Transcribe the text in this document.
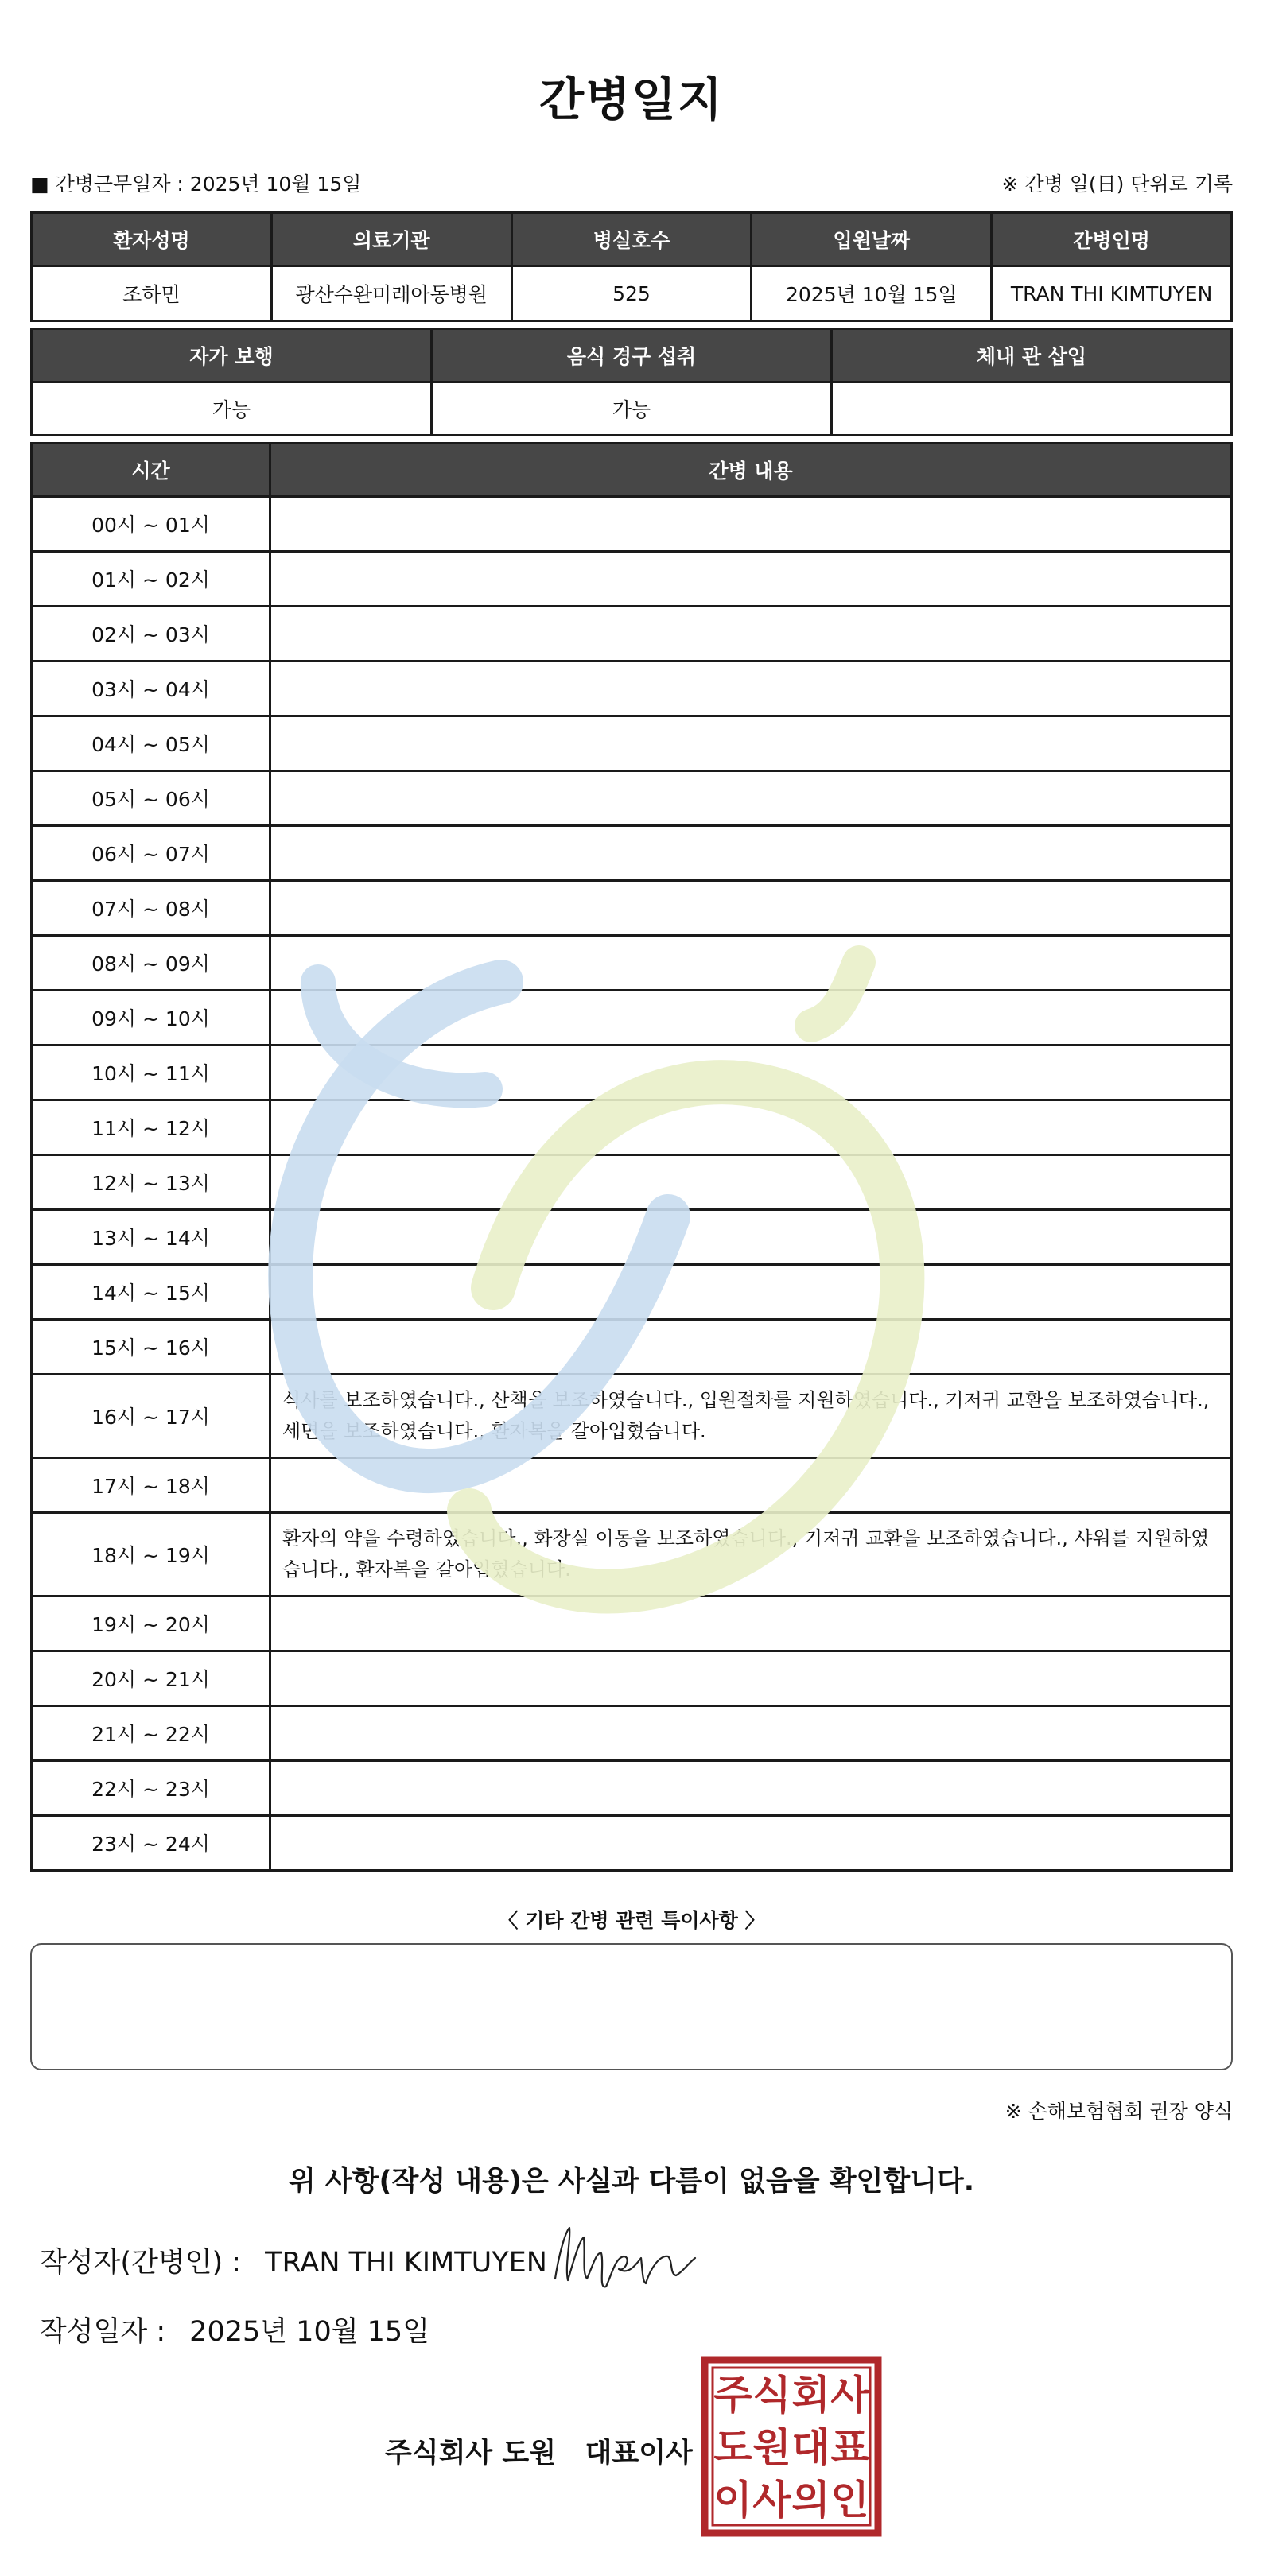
간병일지
■ 간병근무일자 : 2025년 10월 15일	※ 간병 일(日) 단위로 기록
환자성명	의료기관	병실호수	입원날짜	간병인명
조하민	광산수완미래아동병원	525	2025년 10월 15일	TRAN THI KIMTUYEN
자가 보행	음식 경구 섭취	체내 관 삽입
가능	가능	
시간	간병 내용
00시 ~ 01시	
01시 ~ 02시	
02시 ~ 03시	
03시 ~ 04시	
04시 ~ 05시	
05시 ~ 06시	
06시 ~ 07시	
07시 ~ 08시	
08시 ~ 09시	
09시 ~ 10시	
10시 ~ 11시	
11시 ~ 12시	
12시 ~ 13시	
13시 ~ 14시	
14시 ~ 15시	
15시 ~ 16시	
16시 ~ 17시	식사를 보조하였습니다., 산책을 보조하였습니다., 입원절차를 지원하였습니다., 기저귀 교환을 보조하였습니다., 세면을 보조하였습니다., 환자복을 갈아입혔습니다.
17시 ~ 18시	
18시 ~ 19시	환자의 약을 수령하였습니다., 화장실 이동을 보조하였습니다., 기저귀 교환을 보조하였습니다., 샤워를 지원하였습니다., 환자복을 갈아입혔습니다.
19시 ~ 20시	
20시 ~ 21시	
21시 ~ 22시	
22시 ~ 23시	
23시 ~ 24시	
〈 기타 간병 관련 특이사항 〉
※ 손해보험협회 권장 양식
위 사항(작성 내용)은 사실과 다름이 없음을 확인합니다.
작성자(간병인) : TRAN THI KIMTUYEN
작성일자 : 2025년 10월 15일
주식회사 도원   대표이사
주 식 회 사
도 원 대 표
이 사 의 인
